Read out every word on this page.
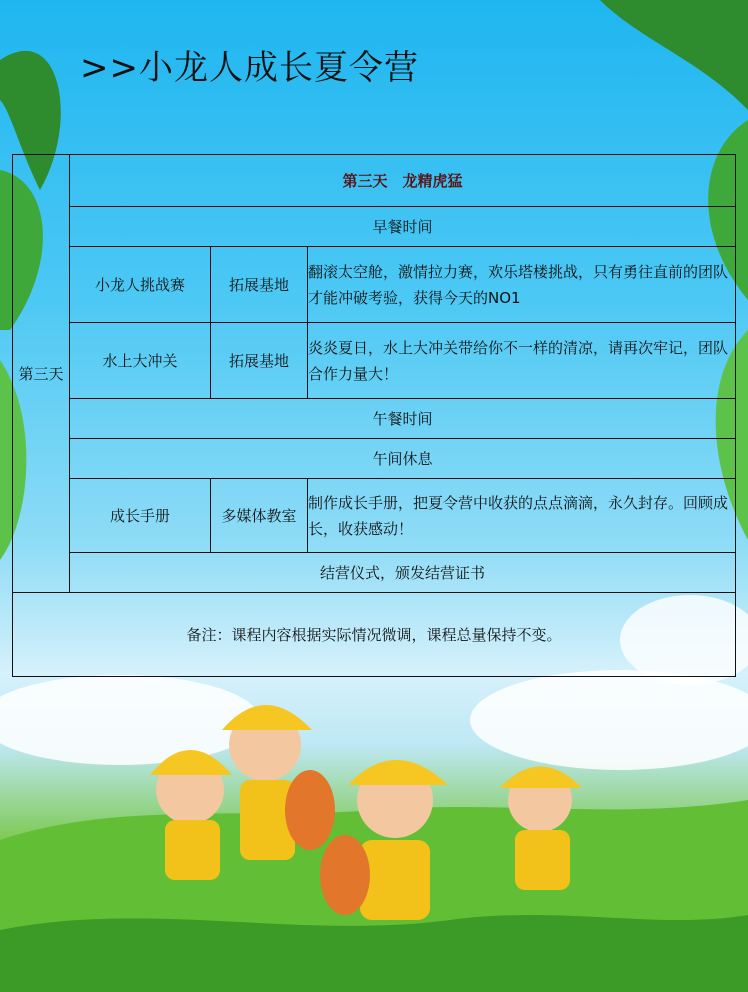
>>小龙人成长夏令营
第三天	第三天　龙精虎猛		
	早餐时间		
	小龙人挑战赛	拓展基地	翻滚太空舱，激情拉力赛，欢乐塔楼挑战，只有勇往直前的团队才能冲破考验，获得今天的NO1
	水上大冲关	拓展基地	炎炎夏日，水上大冲关带给你不一样的清凉，请再次牢记，团队合作力量大！
	午餐时间		
	午间休息		
	成长手册	多媒体教室	制作成长手册，把夏令营中收获的点点滴滴，永久封存。回顾成长，收获感动！
	结营仪式，颁发结营证书		
备注：课程内容根据实际情况微调，课程总量保持不变。			
